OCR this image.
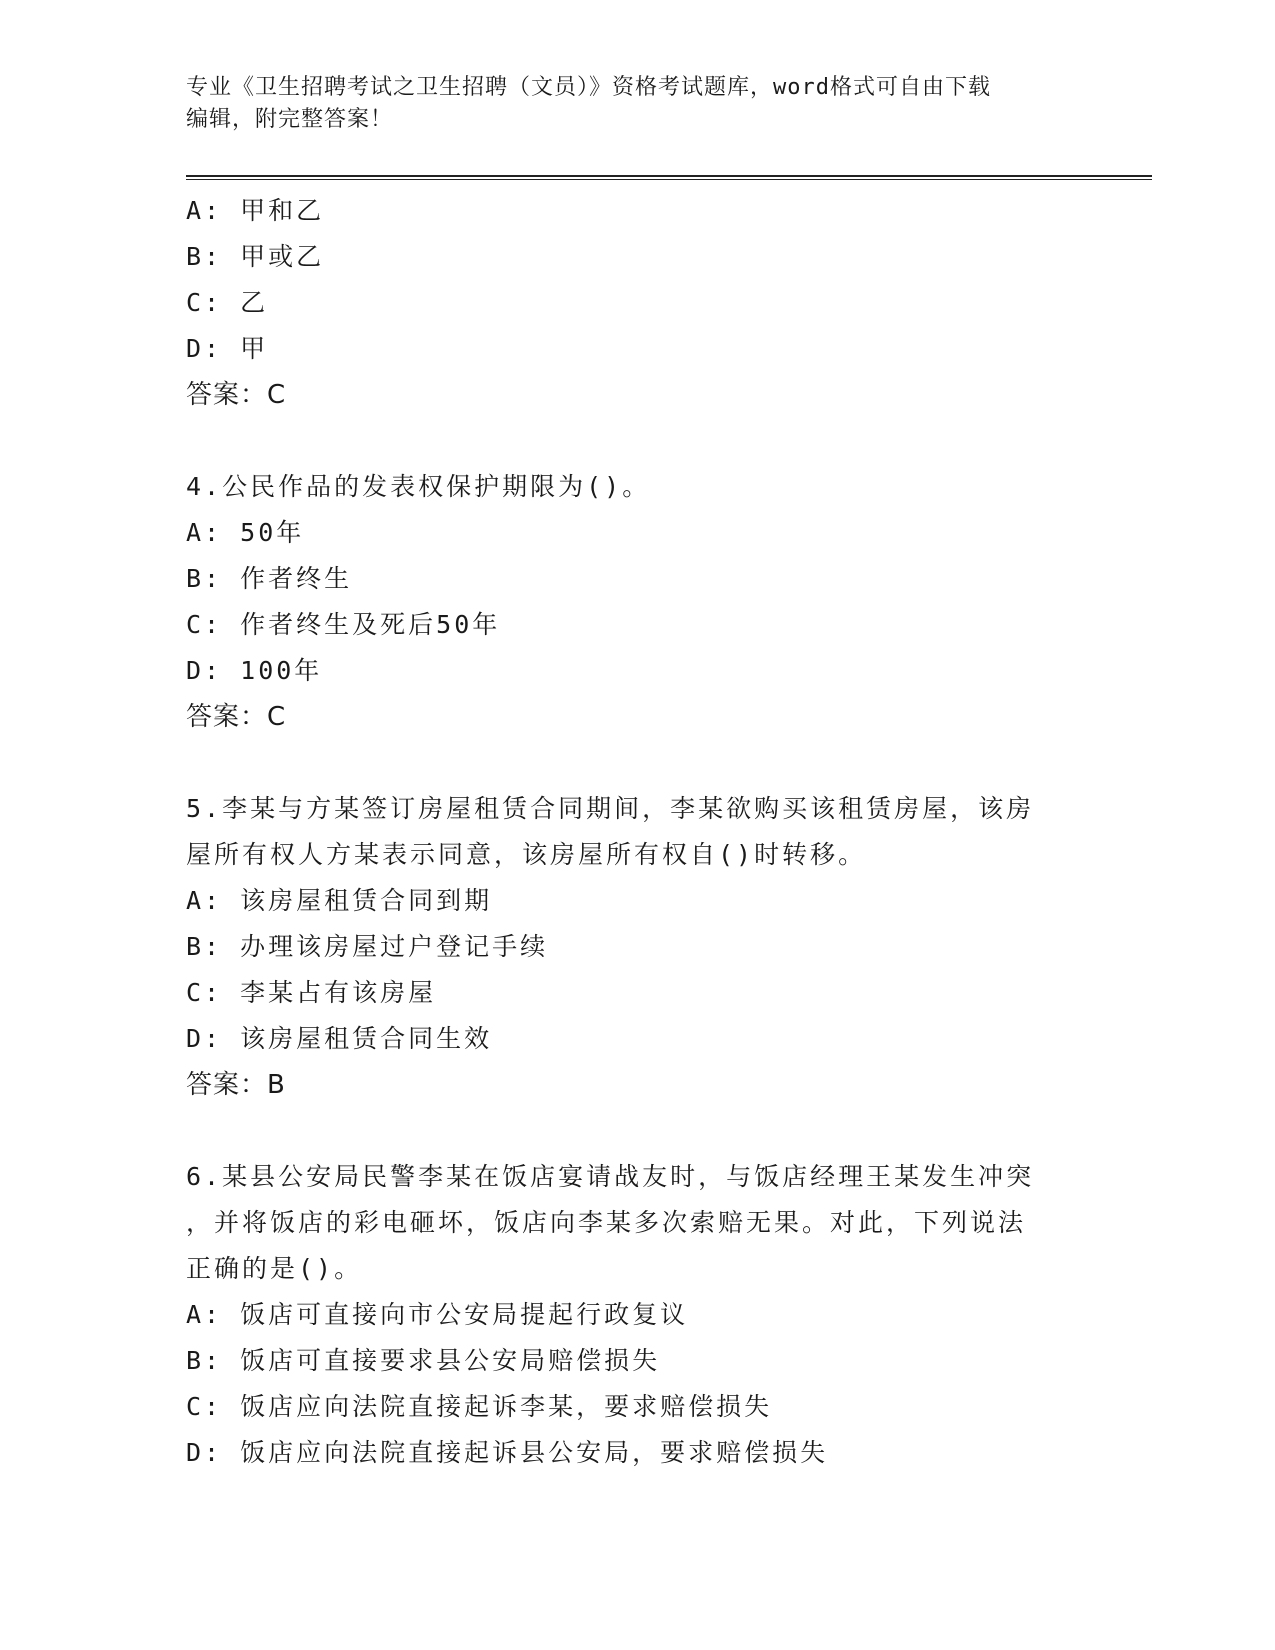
专业《卫生招聘考试之卫生招聘（文员）》资格考试题库，word格式可自由下载
编辑，附完整答案！
A: 甲和乙
B: 甲或乙
C: 乙
D: 甲
答案：C
4.公民作品的发表权保护期限为()。
A: 50年
B: 作者终生
C: 作者终生及死后50年
D: 100年
答案：C
5.李某与方某签订房屋租赁合同期间，李某欲购买该租赁房屋，该房
屋所有权人方某表示同意，该房屋所有权自()时转移。
A: 该房屋租赁合同到期
B: 办理该房屋过户登记手续
C: 李某占有该房屋
D: 该房屋租赁合同生效
答案：B
6.某县公安局民警李某在饭店宴请战友时，与饭店经理王某发生冲突
，并将饭店的彩电砸坏，饭店向李某多次索赔无果。对此，下列说法
正确的是()。
A: 饭店可直接向市公安局提起行政复议
B: 饭店可直接要求县公安局赔偿损失
C: 饭店应向法院直接起诉李某，要求赔偿损失
D: 饭店应向法院直接起诉县公安局，要求赔偿损失
